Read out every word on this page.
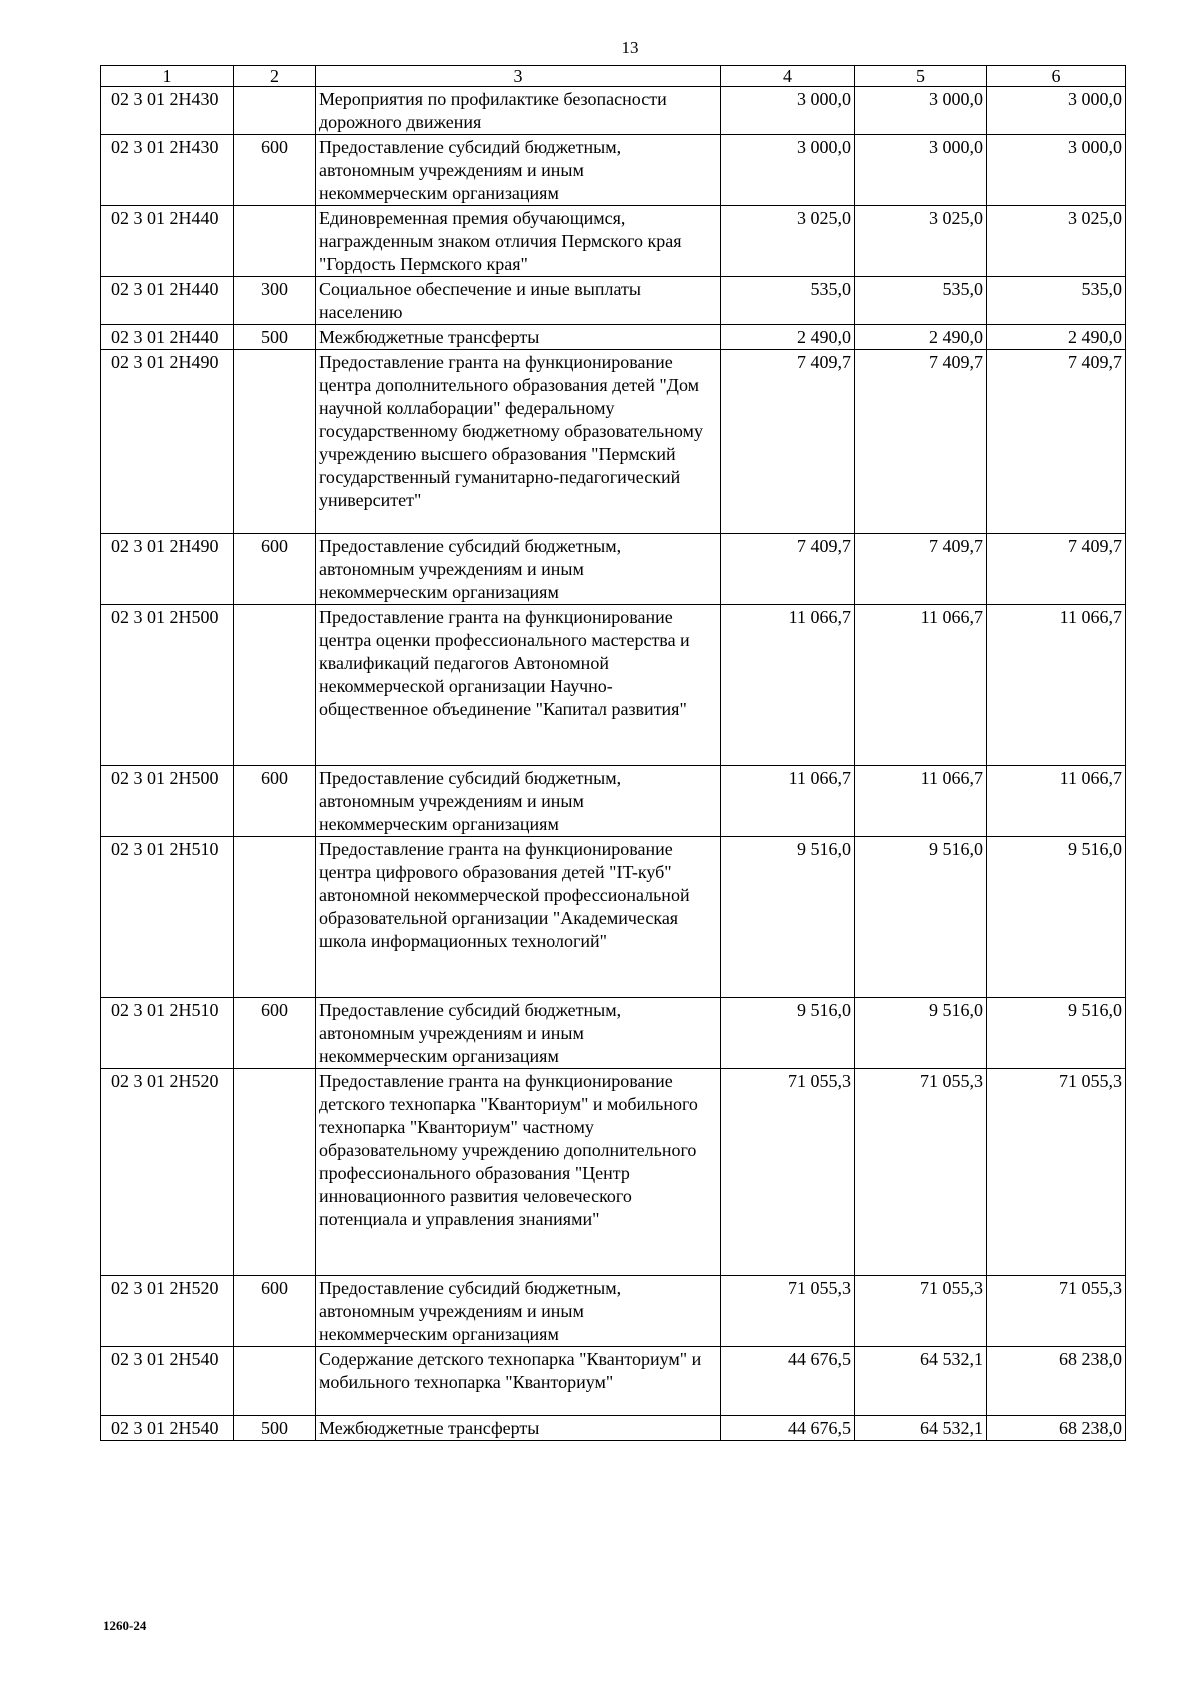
13
1	2	3	4	5	6
02 3 01 2Н430		Мероприятия по профилактике безопасности дорожного движения	3 000,0	3 000,0	3 000,0
02 3 01 2Н430	600	Предоставление субсидий бюджетным, автономным учреждениям и иным некоммерческим организациям	3 000,0	3 000,0	3 000,0
02 3 01 2Н440		Единовременная премия обучающимся, награжденным знаком отличия Пермского края "Гордость Пермского края"	3 025,0	3 025,0	3 025,0
02 3 01 2Н440	300	Социальное обеспечение и иные выплаты населению	535,0	535,0	535,0
02 3 01 2Н440	500	Межбюджетные трансферты	2 490,0	2 490,0	2 490,0
02 3 01 2Н490		Предоставление гранта на функционирование центра дополнительного образования детей "Дом научной коллаборации" федеральному государственному бюджетному образовательному учреждению высшего образования "Пермский государственный гуманитарно-педагогический университет"	7 409,7	7 409,7	7 409,7
02 3 01 2Н490	600	Предоставление субсидий бюджетным, автономным учреждениям и иным некоммерческим организациям	7 409,7	7 409,7	7 409,7
02 3 01 2Н500		Предоставление гранта на функционирование центра оценки профессионального мастерства и квалификаций педагогов Автономной некоммерческой организации Научно-общественное объединение "Капитал развития"	11 066,7	11 066,7	11 066,7
02 3 01 2Н500	600	Предоставление субсидий бюджетным, автономным учреждениям и иным некоммерческим организациям	11 066,7	11 066,7	11 066,7
02 3 01 2Н510		Предоставление гранта на функционирование центра цифрового образования детей "IT-куб" автономной некоммерческой профессиональной образовательной организации "Академическая школа информационных технологий"	9 516,0	9 516,0	9 516,0
02 3 01 2Н510	600	Предоставление субсидий бюджетным, автономным учреждениям и иным некоммерческим организациям	9 516,0	9 516,0	9 516,0
02 3 01 2Н520		Предоставление гранта на функционирование детского технопарка "Кванториум" и мобильного технопарка "Кванториум" частному образовательному учреждению дополнительного профессионального образования "Центр инновационного развития человеческого потенциала и управления знаниями"	71 055,3	71 055,3	71 055,3
02 3 01 2Н520	600	Предоставление субсидий бюджетным, автономным учреждениям и иным некоммерческим организациям	71 055,3	71 055,3	71 055,3
02 3 01 2Н540		Содержание детского технопарка "Кванториум" и мобильного технопарка "Кванториум"	44 676,5	64 532,1	68 238,0
02 3 01 2Н540	500	Межбюджетные трансферты	44 676,5	64 532,1	68 238,0
1260-24
